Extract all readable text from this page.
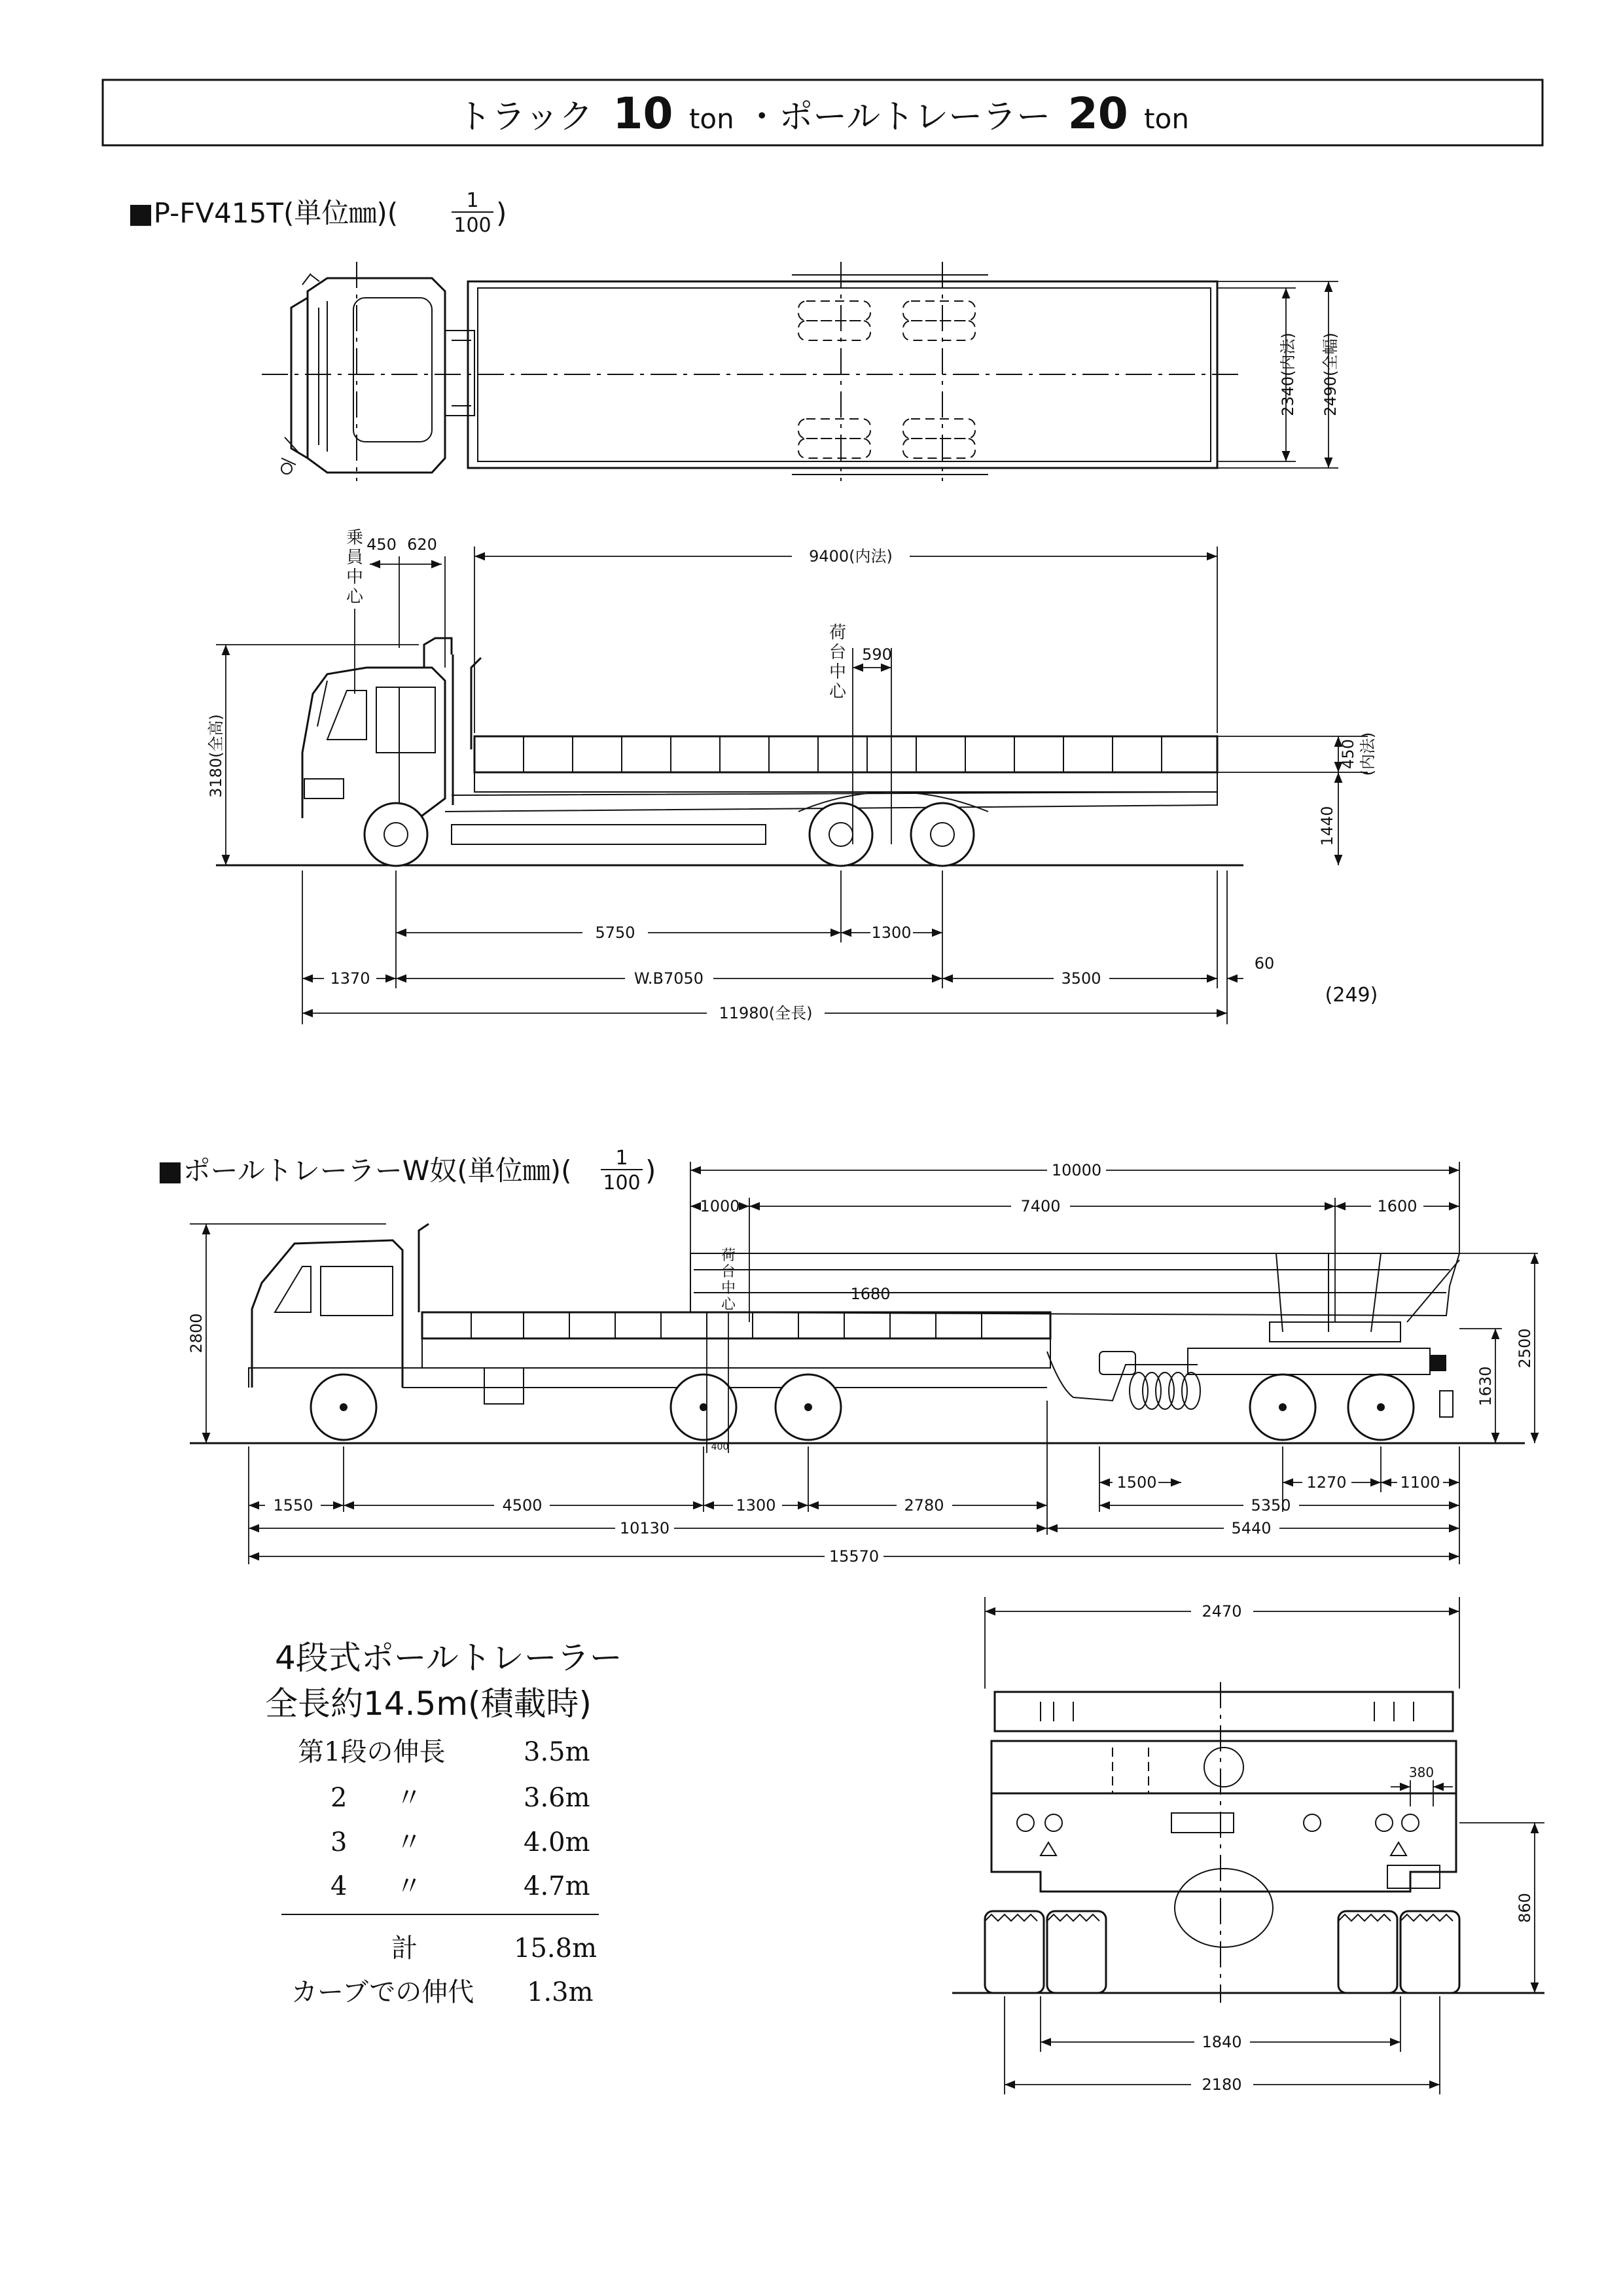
トラック 10 ton ・ポールトレーラー 20 ton
■P-FV415T(単位㎜)(	1
100 )
2340(内法) 2490(全幅)
乗
員
中
心
450 620
9400(内法)
荷
台
中
心
590
3180(全高)	450 (内法)
1440
5750	1300
1370	W.B7050	3500
60
11980(全長)
(249)
■ポールトレーラーW奴(単位㎜)( 1
100 )	10000
1000	7400	1600
荷
台
中
心
400
1680
2800	2500
1630
1500	1270	1100
1550	4500	1300	2780	5350
10130	5440
15570
4段式ポールトレーラー
全長約14.5m(積載時)
第1段の伸長	3.5m
2 〃	3.6m
3 〃	4.0m
4 〃	4.7m
計	15.8m
カーブでの伸代 1.3m
2470
380
860
1840
2180
